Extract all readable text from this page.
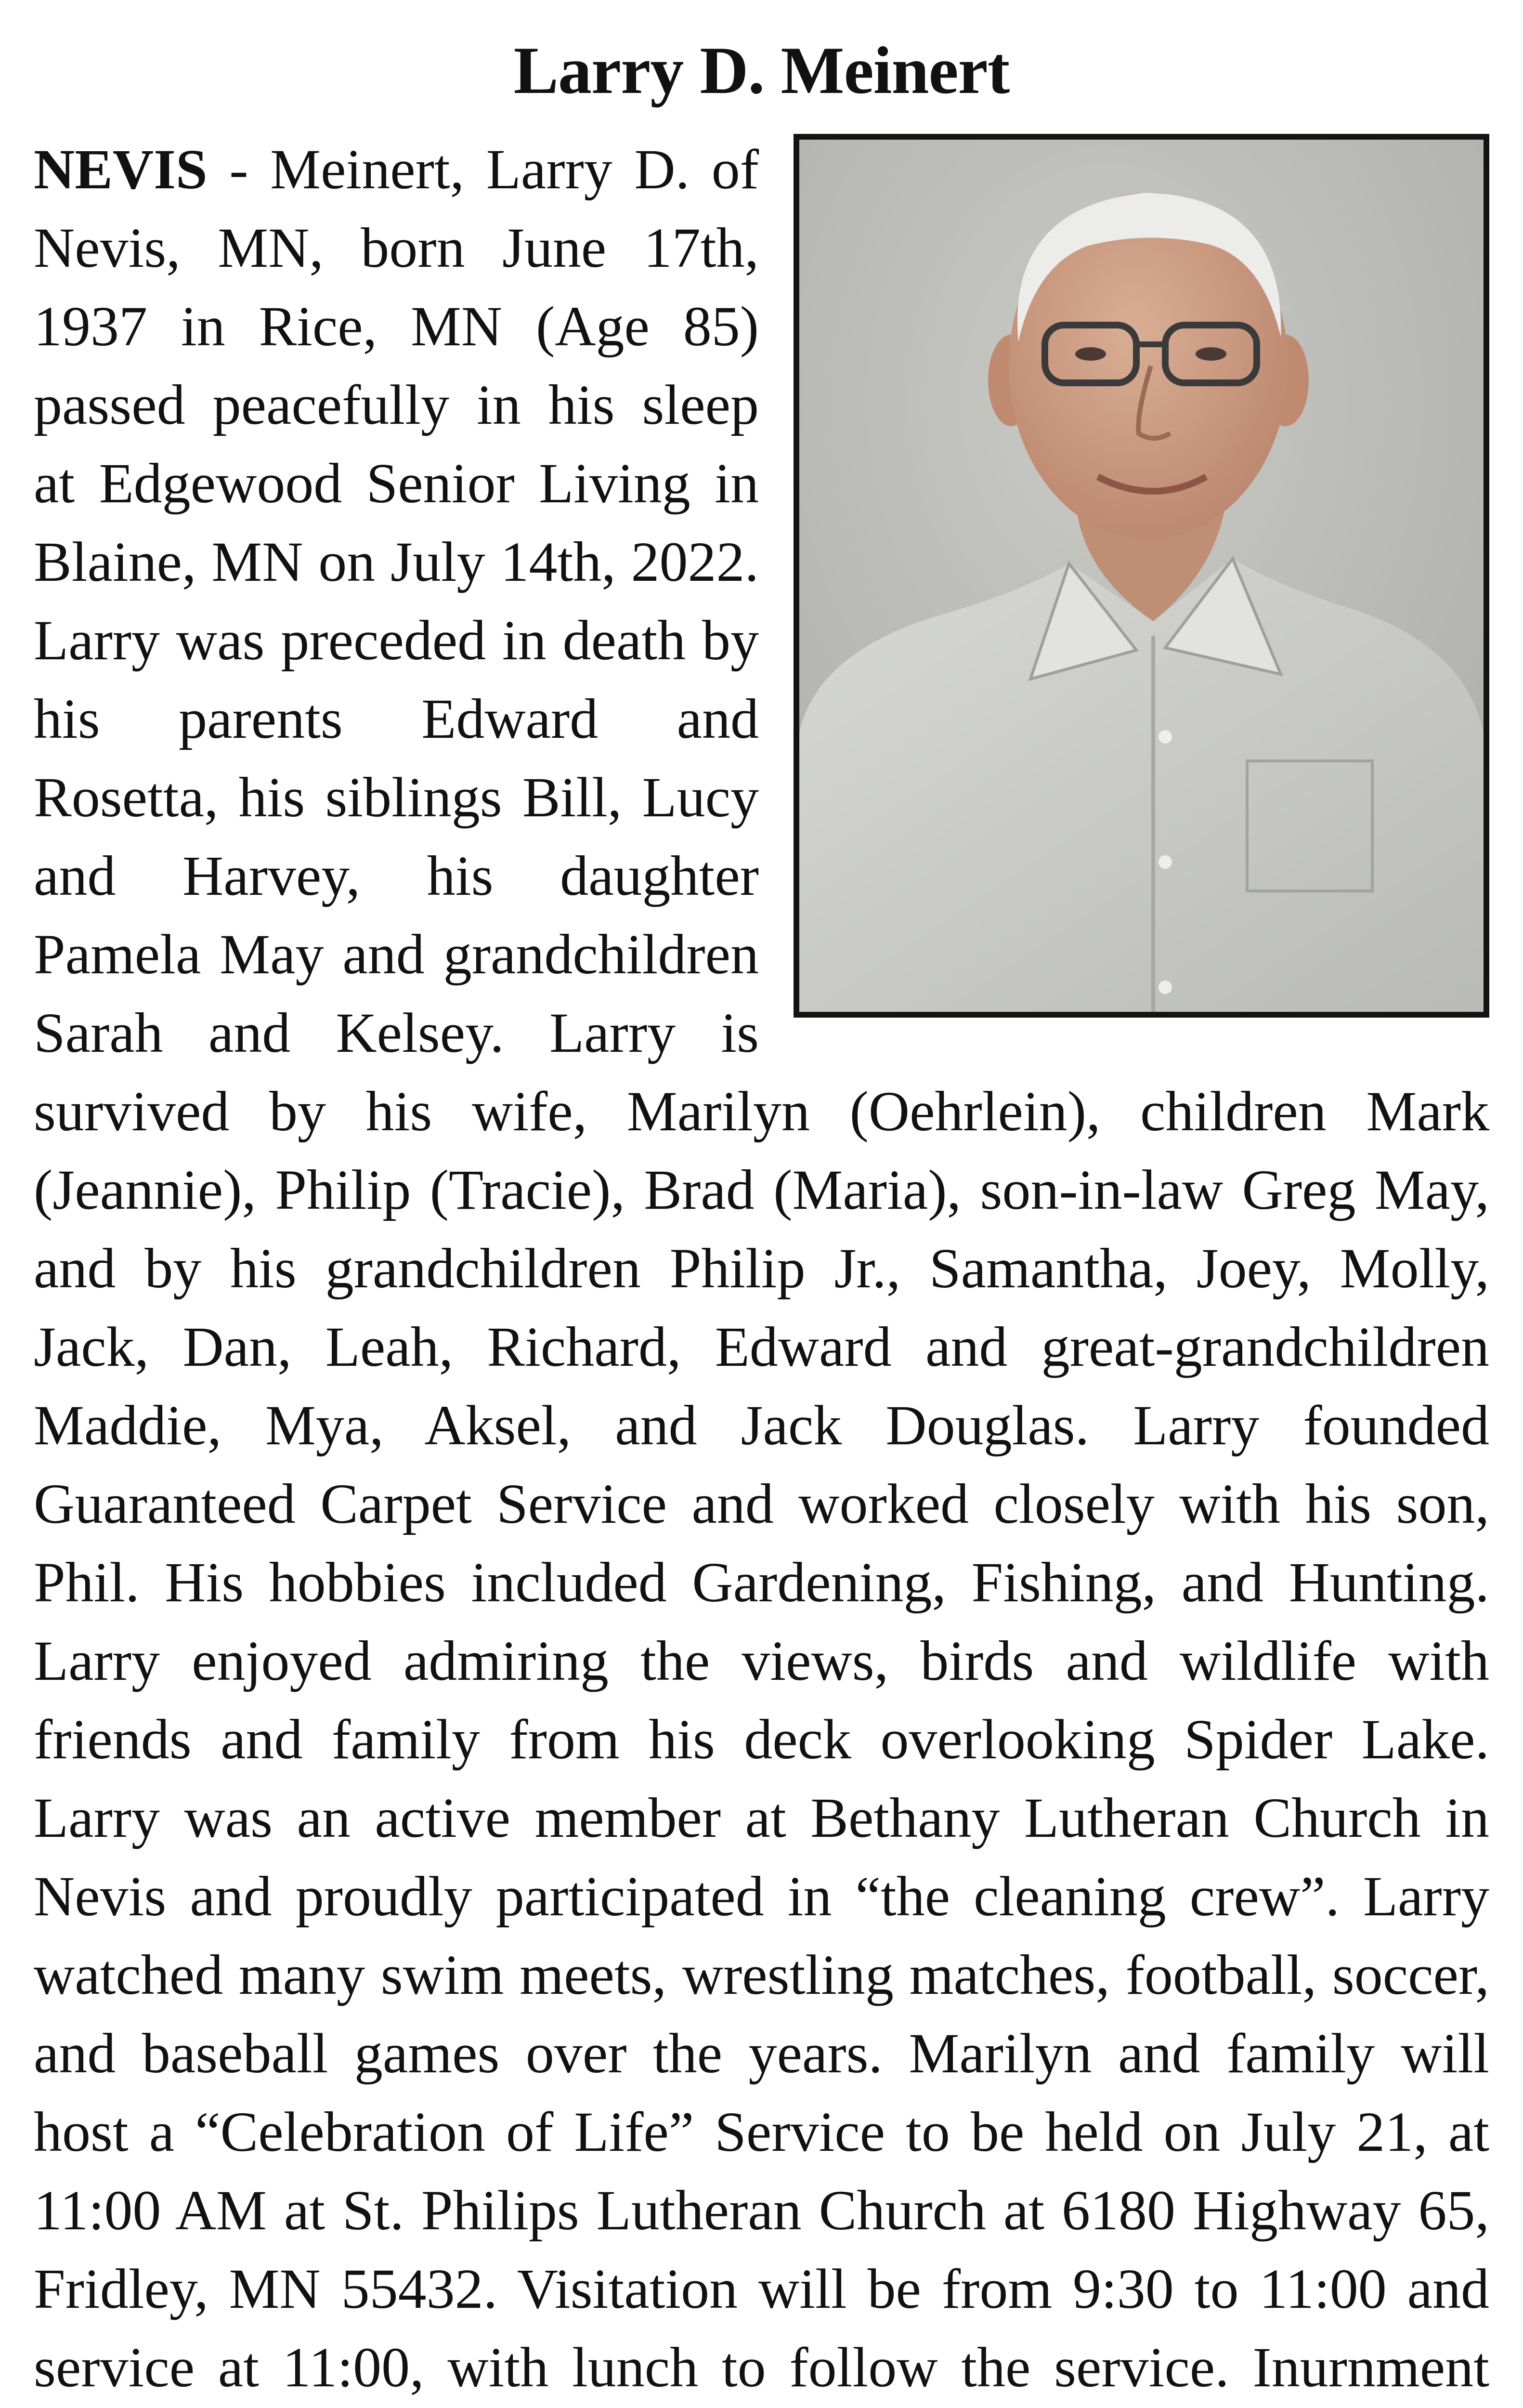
Larry D. Meinert
NEVIS - Meinert, Larry D. of Nevis, MN, born June 17th, 1937 in Rice, MN (Age 85) passed peacefully in his sleep at Edgewood Senior Living in Blaine, MN on July 14th, 2022. Larry was preceded in death by his parents Edward and Rosetta, his siblings Bill, Lucy and Harvey, his daughter Pamela May and grandchildren Sarah and Kelsey. Larry is survived by his wife, Marilyn (Oehrlein), children Mark (Jeannie), Philip (Tracie), Brad (Maria), son-in-law Greg May, and by his grandchildren Philip Jr., Samantha, Joey, Molly, Jack, Dan, Leah, Richard, Edward and great-grandchildren Maddie, Mya, Aksel, and Jack Douglas. Larry founded Guaranteed Carpet Service and worked closely with his son, Phil. His hobbies included Gardening, Fishing, and Hunting. Larry enjoyed admiring the views, birds and wildlife with friends and family from his deck overlooking Spider Lake. Larry was an active member at Bethany Lutheran Church in Nevis and proudly participated in “the cleaning crew”. Larry watched many swim meets, wrestling matches, football, soccer, and baseball games over the years. Marilyn and family will host a “Celebration of Life” Service to be held on July 21, at 11:00 AM at St. Philips Lutheran Church at 6180 Highway 65, Fridley, MN 55432. Visitation will be from 9:30 to 11:00 and service at 11:00, with lunch to follow the service. Inurnment
